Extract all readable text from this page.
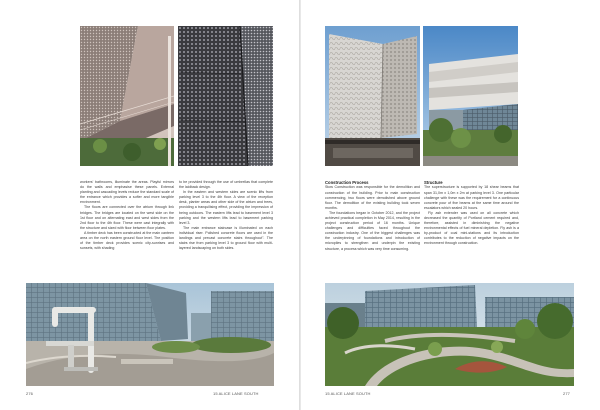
workers' bathrooms, illuminate the areas. Playful mirrors do the walls and emphasise these panels. External planting and cascading levels reduce the standard scale of the entrance which provides a softer and more tangible environment.

The floors are connected over the atrium through link bridges. The bridges are located on the west side on the 1st floor and on alternating east and west sides from the 2nd floor to the 4th floor. These were cast integrally with the structure and sized with floor between floor plates.

A timber deck has been constructed at the main canteen area on the north eastern ground floor level. The position of the timber deck provides scenic city-sunrises and sunsets, with shading

to be provided through the use of umbrellas that complete the laidback design.

In the eastern and western sides are scenic lifts from parking level 3 to the 4th floor. A view of the reception desk, planter areas and other side of the atrium and trees, providing a tranquilising effect, providing the impression of being outdoors. The eastern lifts lead to basement level 3 parking and the western lifts lead to basement parking level 3.

The main entrance staircase is illuminated on each individual riser. Polished concrete floors are used in the landings and precast concrete stairs throughout". The stairs rise from parking level 3 to ground floor with multi-layered landscaping on both sides.

276	15 ALICE LANE SOUTH
Construction Process

Stow Construction was responsible for the demolition and construction of the building. Prior to main construction commencing, two floors were demolished above ground floor. The demolition of the existing building took seven months.

The foundations began in October 2012, and the project achieved practical completion in May 2014, resulting in the project construction period of 16 months. Unique challenges and difficulties faced throughout the construction industry. One of the biggest challenges was the underpinning of foundations and introduction of micropiles to strengthen and underpin the existing structure, a process which was very time consuming.

Structure

The superstructure is supported by 18 shear beams that span 31,0m x 1,0m x 2m at parking level 3. One particular challenge with these was the requirement for a continuous concrete pour of five beams at the same time around the escalators which sealed 20 hours.

Fly ash extender was used on all concrete which decreased the quantity of Portland cement required and, therefore, assisted in diminishing the negative environmental effects of fuel mineral depletion. Fly ash is a by-product of coal mini-stations and its introduction contributes to the reduction of negative impacts on the environment through construction.

15 ALICE LANE SOUTH	277
